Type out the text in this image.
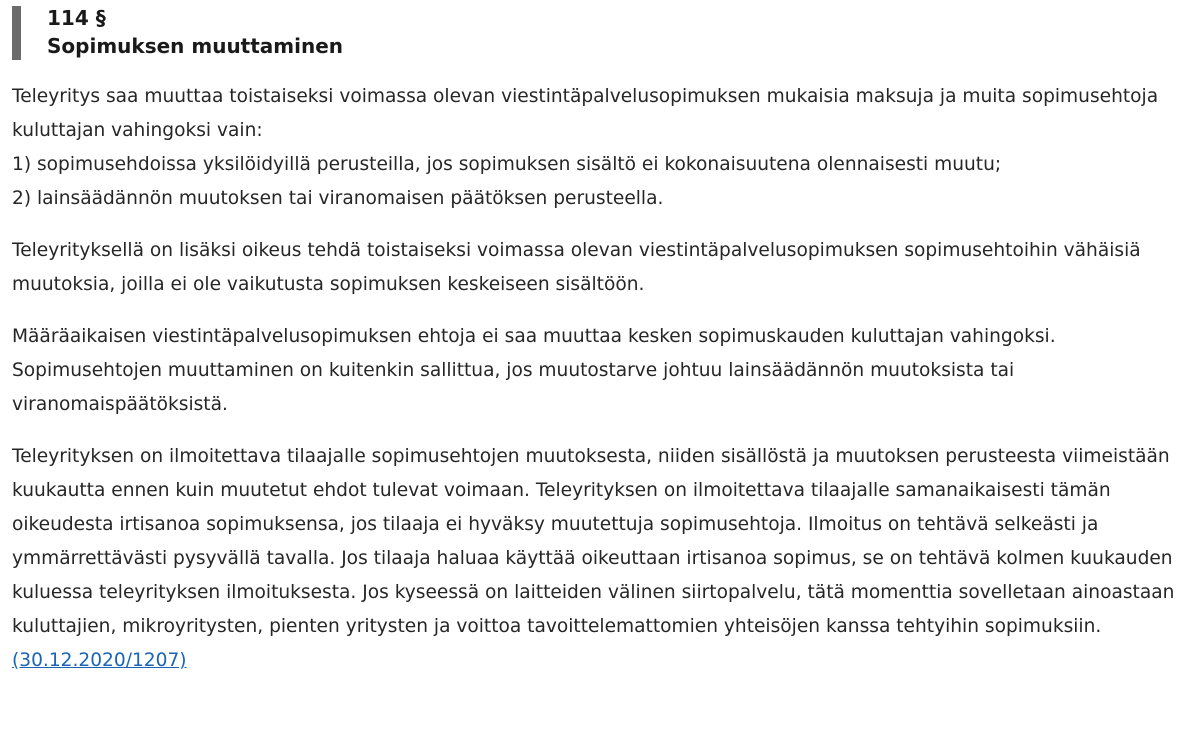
114 §
Sopimuksen muuttaminen

Teleyritys saa muuttaa toistaiseksi voimassa olevan viestintäpalvelusopimuksen mukaisia maksuja ja muita sopimusehtoja kuluttajan vahingoksi vain:

1) sopimusehdoissa yksilöidyillä perusteilla, jos sopimuksen sisältö ei kokonaisuutena olennaisesti muutu;

2) lainsäädännön muutoksen tai viranomaisen päätöksen perusteella.

Teleyrityksellä on lisäksi oikeus tehdä toistaiseksi voimassa olevan viestintäpalvelusopimuksen sopimusehtoihin vähäisiä muutoksia, joilla ei ole vaikutusta sopimuksen keskeiseen sisältöön.

Määräaikaisen viestintäpalvelusopimuksen ehtoja ei saa muuttaa kesken sopimuskauden kuluttajan vahingoksi. Sopimusehtojen muuttaminen on kuitenkin sallittua, jos muutostarve johtuu lainsäädännön muutoksista tai viranomaispäätöksistä.

Teleyrityksen on ilmoitettava tilaajalle sopimusehtojen muutoksesta, niiden sisällöstä ja muutoksen perusteesta viimeistään kuukautta ennen kuin muutetut ehdot tulevat voimaan. Teleyrityksen on ilmoitettava tilaajalle samanaikaisesti tämän oikeudesta irtisanoa sopimuksensa, jos tilaaja ei hyväksy muutettuja sopimusehtoja. Ilmoitus on tehtävä selkeästi ja ymmärrettävästi pysyvällä tavalla. Jos tilaaja haluaa käyttää oikeuttaan irtisanoa sopimus, se on tehtävä kolmen kuukauden kuluessa teleyrityksen ilmoituksesta. Jos kyseessä on laitteiden välinen siirtopalvelu, tätä momenttia sovelletaan ainoastaan kuluttajien, mikroyritysten, pienten yritysten ja voittoa tavoittelemattomien yhteisöjen kanssa tehtyihin sopimuksiin. (30.12.2020/1207)
